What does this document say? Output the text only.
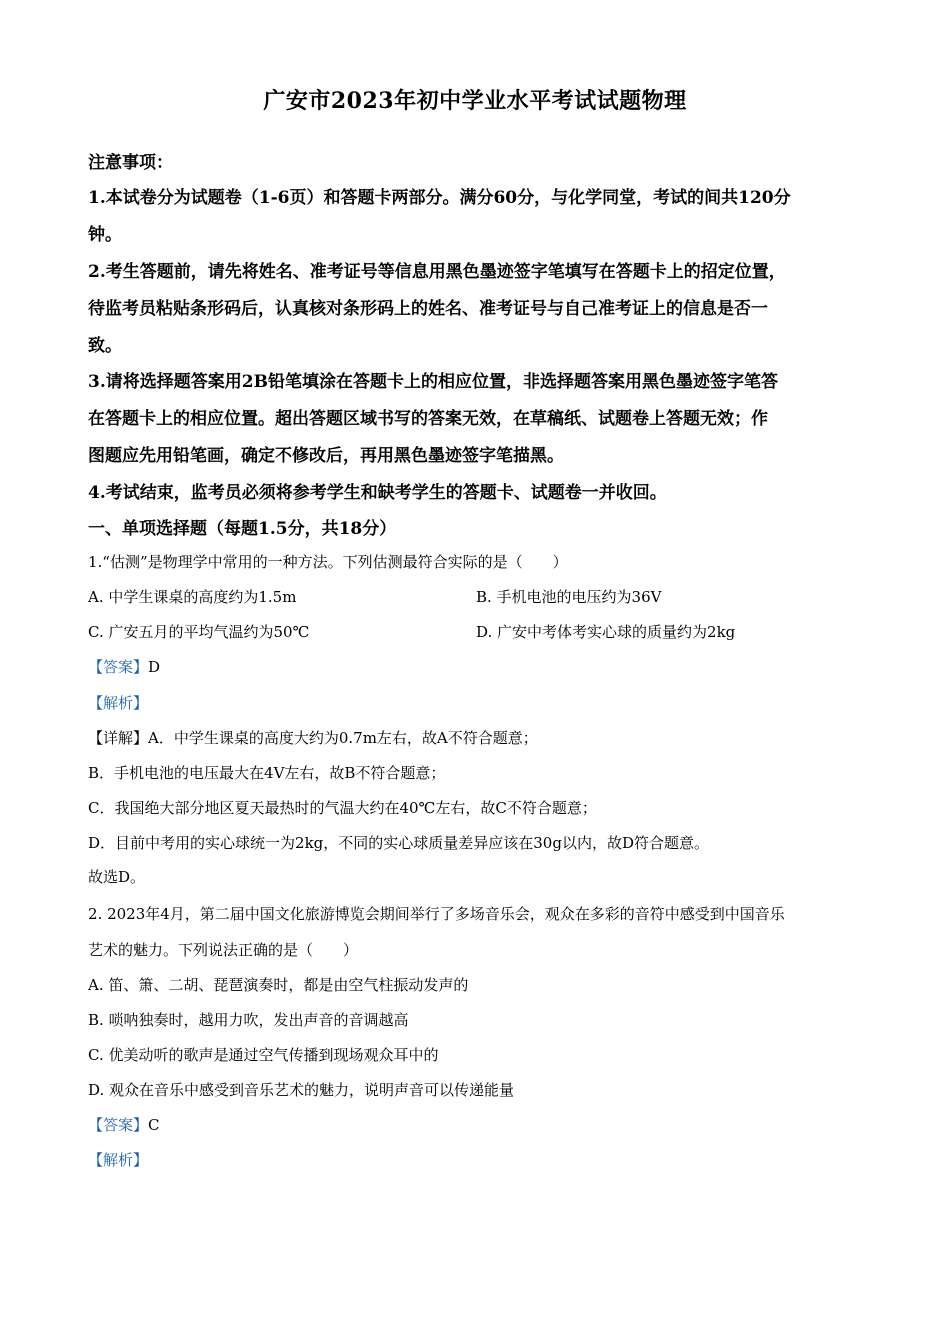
广安市2023年初中学业水平考试试题物理
注意事项：
1.本试卷分为试题卷（1-6页）和答题卡两部分。满分60分，与化学同堂，考试的间共120分
钟。
2.考生答题前，请先将姓名、准考证号等信息用黑色墨迹签字笔填写在答题卡上的招定位置，
待监考员粘贴条形码后，认真核对条形码上的姓名、准考证号与自己准考证上的信息是否一
致。
3.请将选择题答案用2B铅笔填涂在答题卡上的相应位置，非选择题答案用黑色墨迹签字笔答
在答题卡上的相应位置。超出答题区域书写的答案无效，在草稿纸、试题卷上答题无效；作
图题应先用铅笔画，确定不修改后，再用黑色墨迹签字笔描黑。
4.考试结束，监考员必须将参考学生和缺考学生的答题卡、试题卷一并收回。
一、单项选择题（每题1.5分，共18分）
1.“估测”是物理学中常用的一种方法。下列估测最符合实际的是（　　）
A. 中学生课桌的高度约为1.5m	B. 手机电池的电压约为36V
C. 广安五月的平均气温约为50℃	D. 广安中考体考实心球的质量约为2kg
【答案】D
【解析】
【详解】A．中学生课桌的高度大约为0.7m左右，故A不符合题意；
B．手机电池的电压最大在4V左右，故B不符合题意；
C．我国绝大部分地区夏天最热时的气温大约在40℃左右，故C不符合题意；
D．目前中考用的实心球统一为2kg，不同的实心球质量差异应该在30g以内，故D符合题意。
故选D。
2. 2023年4月，第二届中国文化旅游博览会期间举行了多场音乐会，观众在多彩的音符中感受到中国音乐
艺术的魅力。下列说法正确的是（　　）
A. 笛、箫、二胡、琵琶演奏时，都是由空气柱振动发声的
B. 唢呐独奏时，越用力吹，发出声音的音调越高
C. 优美动听的歌声是通过空气传播到现场观众耳中的
D. 观众在音乐中感受到音乐艺术的魅力，说明声音可以传递能量
【答案】C
【解析】
